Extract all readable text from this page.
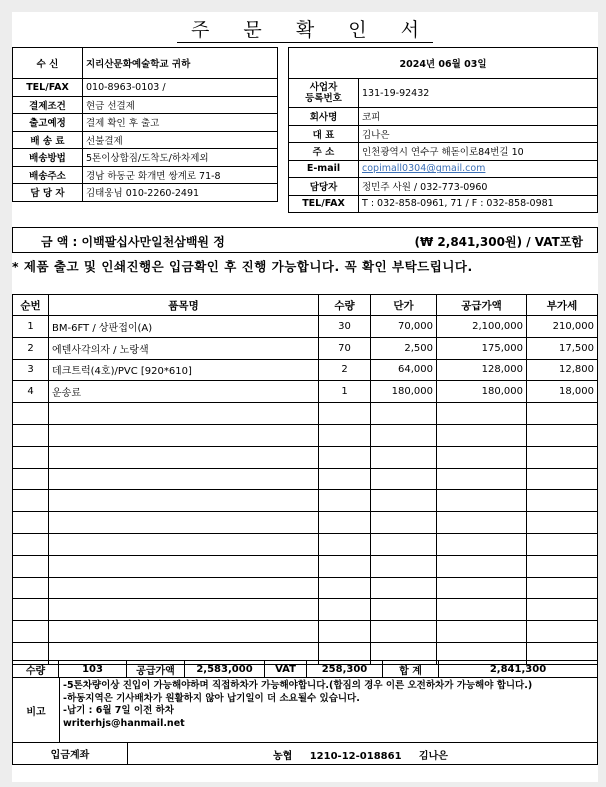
주 문 확 인 서
수 신	지리산문화예술학교 귀하
TEL/FAX	010-8963-0103 /
결제조건	현금 선결제
출고예정	결제 확인 후 출고
배 송 료	선불결제
배송방법	5톤이상합짐/도착도/하차제외
배송주소	경남 하동군 화개면 쌍계로 71-8
담 당 자	김태웅님 010-2260-2491
2024년 06월 03일	
사업자
등록번호	131-19-92432
회사명	코피
대 표	김나은
주 소	인천광역시 연수구 해돋이로84번길 10
E-mail	copimall0304@gmail.com
담당자	정민주 사원 / 032-773-0960
TEL/FAX	T : 032-858-0961, 71 / F : 032-858-0981
금 액 : 이백팔십사만일천삼백원 정	(₩ 2,841,300원) / VAT포함
* 제품 출고 및 인쇄진행은 입금확인 후 진행 가능합니다. 꼭 확인 부탁드립니다.
순번	품목명	수량	단가	공급가액	부가세
1	BM-6FT / 상판접이(A)	30	70,000	2,100,000	210,000
2	에덴사각의자 / 노랑색	70	2,500	175,000	17,500
3	데크트럭(4호)/PVC [920*610]	2	64,000	128,000	12,800
4	운송료	1	180,000	180,000	18,000

수량	103	공급가액	2,583,000	VAT	258,300	합 계	2,841,300
비고
-5톤차량이상 진입이 가능해야하며 직접하차가 가능해야합니다.(합짐의 경우 이른 오전하차가 가능해야 합니다.)
-하동지역은 기사배차가 원활하지 않아 납기일이 더 소요될수 있습니다.
-납기 : 6월 7일 이전 하차
writerhjs@hanmail.net
입금계좌	농협     1210-12-018861     김나은
